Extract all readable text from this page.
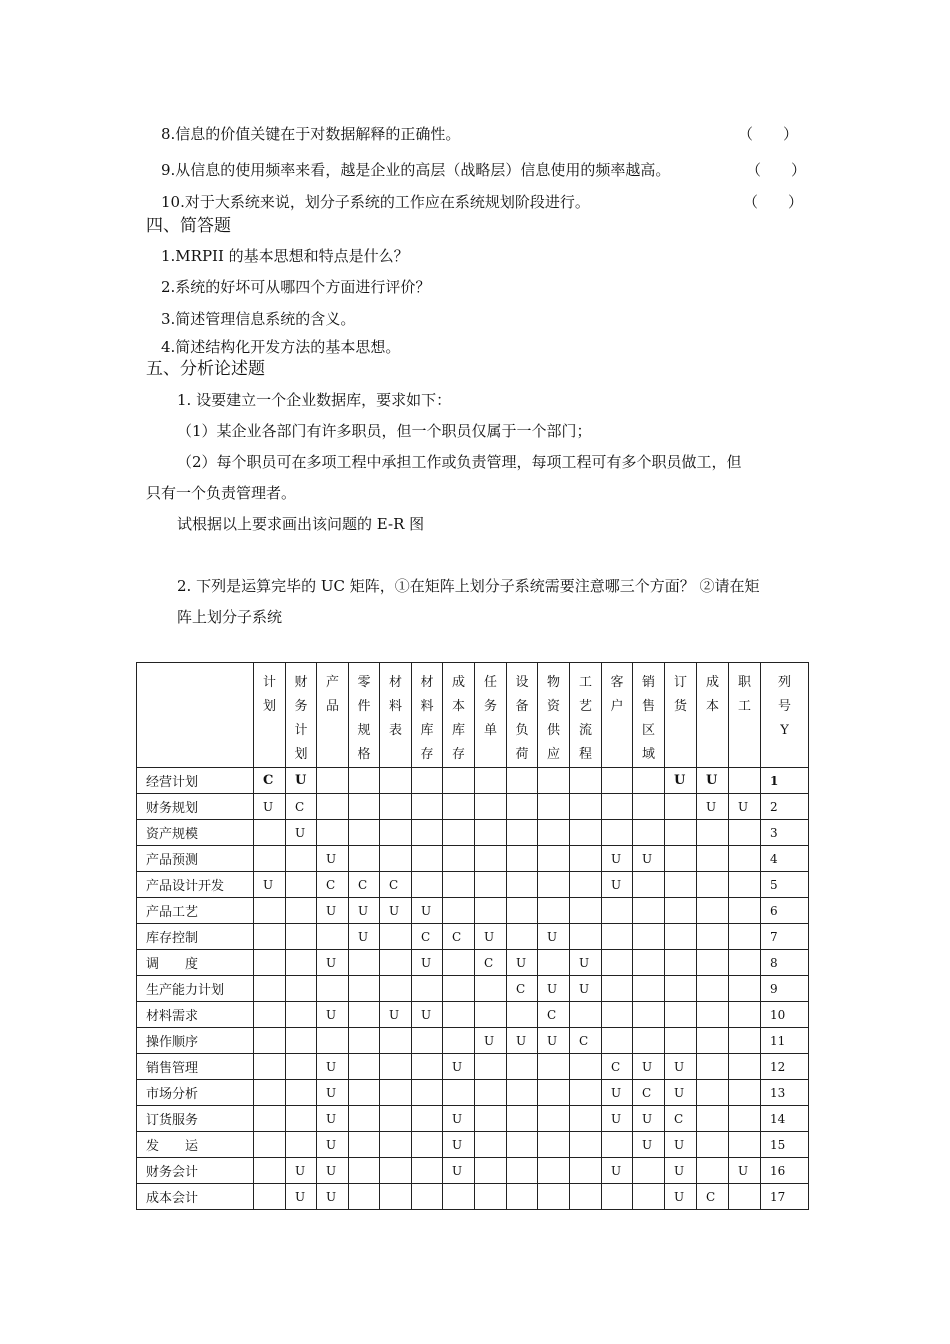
8.信息的价值关键在于对数据解释的正确性。	（　　）
9.从信息的使用频率来看，越是企业的高层（战略层）信息使用的频率越高。	（　　）
10.对于大系统来说，划分子系统的工作应在系统规划阶段进行。	（　　）
四、简答题
1.MRPII 的基本思想和特点是什么？
2.系统的好坏可从哪四个方面进行评价？
3.简述管理信息系统的含义。
4.简述结构化开发方法的基本思想。
五、分析论述题
1. 设要建立一个企业数据库，要求如下：
（1）某企业各部门有许多职员，但一个职员仅属于一个部门；
（2）每个职员可在多项工程中承担工作或负责管理，每项工程可有多个职员做工，但
只有一个负责管理者。
试根据以上要求画出该问题的 E-R 图
2. 下列是运算完毕的 UC 矩阵，①在矩阵上划分子系统需要注意哪三个方面？ ②请在矩
阵上划分子系统

	计划	财务计划	产品	零件规格	材料表	材料库存	成本库存	任务单	设备负荷	物资供应	工艺流程	客户	销售区域	订货	成本	职工	列号Y

经营计划	C	U												U	U		1
财务规划	U	C													U	U	2
资产规模		U															3
产品预测			U									U	U				4
产品设计开发	U		C	C	C							U					5
产品工艺			U	U	U	U											6
库存控制				U		C	C	U		U							7
调　　度			U			U		C	U		U						8
生产能力计划									C	U	U						9
材料需求			U		U	U				C							10
操作顺序								U	U	U	C						11
销售管理			U				U					C	U	U			12
市场分析			U									U	C	U			13
订货服务			U				U					U	U	C			14
发　　运			U				U						U	U			15
财务会计		U	U				U					U		U		U	16
成本会计		U	U											U	C		17
